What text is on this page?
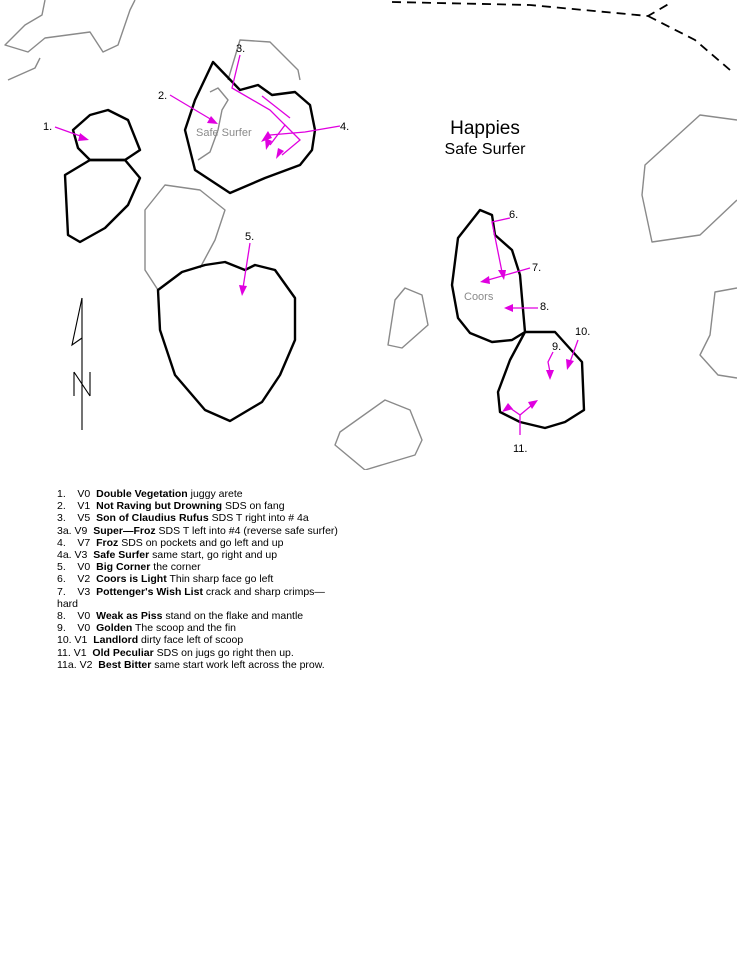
1.
2.
3.
4.
5.
6.
7.
8.
9.
10.
11.
Safe Surfer
Coors
Happies
Safe Surfer
1.    V0  Double Vegetation juggy arete
2.    V1  Not Raving but Drowning SDS on fang
3.    V5  Son of Claudius Rufus SDS T right into # 4a
3a. V9  Super—Froz SDS T left into #4 (reverse safe surfer)
4.    V7  Froz SDS on pockets and go left and up
4a. V3  Safe Surfer same start, go right and up
5.    V0  Big Corner the corner
6.    V2  Coors is Light Thin sharp face go left
7.    V3  Pottenger's Wish List crack and sharp crimps—hard
8.    V0  Weak as Piss stand on the flake and mantle
9.    V0  Golden The scoop and the fin
10. V1  Landlord dirty face left of scoop
11. V1  Old Peculiar SDS on jugs go right then up.
11a. V2  Best Bitter same start work left across the prow.
